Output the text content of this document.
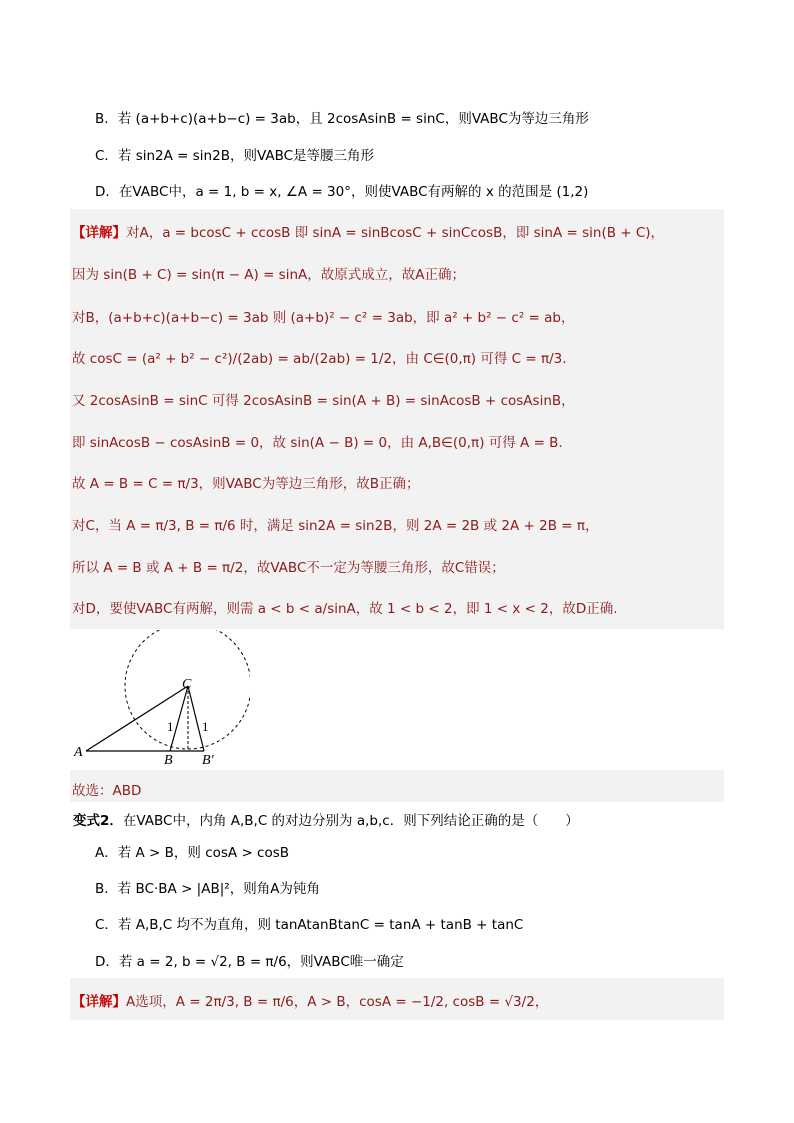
B．若 (a+b+c)(a+b−c) = 3ab，且 2cosAsinB = sinC，则VABC为等边三角形
C．若 sin2A = sin2B，则VABC是等腰三角形
D．在VABC中，a = 1, b = x, ∠A = 30°，则使VABC有两解的 x 的范围是 (1,2)
【详解】对A，a = bcosC + ccosB 即 sinA = sinBcosC + sinCcosB，即 sinA = sin(B + C)，
因为 sin(B + C) = sin(π − A) = sinA，故原式成立，故A正确；
对B，(a+b+c)(a+b−c) = 3ab 则 (a+b)² − c² = 3ab，即 a² + b² − c² = ab，
故 cosC = (a² + b² − c²)/(2ab) = ab/(2ab) = 1/2，由 C∈(0,π) 可得 C = π/3.
又 2cosAsinB = sinC 可得 2cosAsinB = sin(A + B) = sinAcosB + cosAsinB，
即 sinAcosB − cosAsinB = 0，故 sin(A − B) = 0，由 A,B∈(0,π) 可得 A = B.
故 A = B = C = π/3，则VABC为等边三角形，故B正确；
对C，当 A = π/3, B = π/6 时，满足 sin2A = sin2B，则 2A = 2B 或 2A + 2B = π，
所以 A = B 或 A + B = π/2，故VABC不一定为等腰三角形，故C错误；
对D，要使VABC有两解，则需 a < b < a/sinA，故 1 < b < 2，即 1 < x < 2，故D正确.
A
B B′
C
1 1
故选：ABD
变式2．在VABC中，内角 A,B,C 的对边分别为 a,b,c．则下列结论正确的是（　　）
A．若 A > B，则 cosA > cosB
B．若 BC·BA > |AB|²，则角A为钝角
C．若 A,B,C 均不为直角，则 tanAtanBtanC = tanA + tanB + tanC
D．若 a = 2, b = √2, B = π/6，则VABC唯一确定
【详解】A选项，A = 2π/3, B = π/6，A > B，cosA = −1/2, cosB = √3/2，
